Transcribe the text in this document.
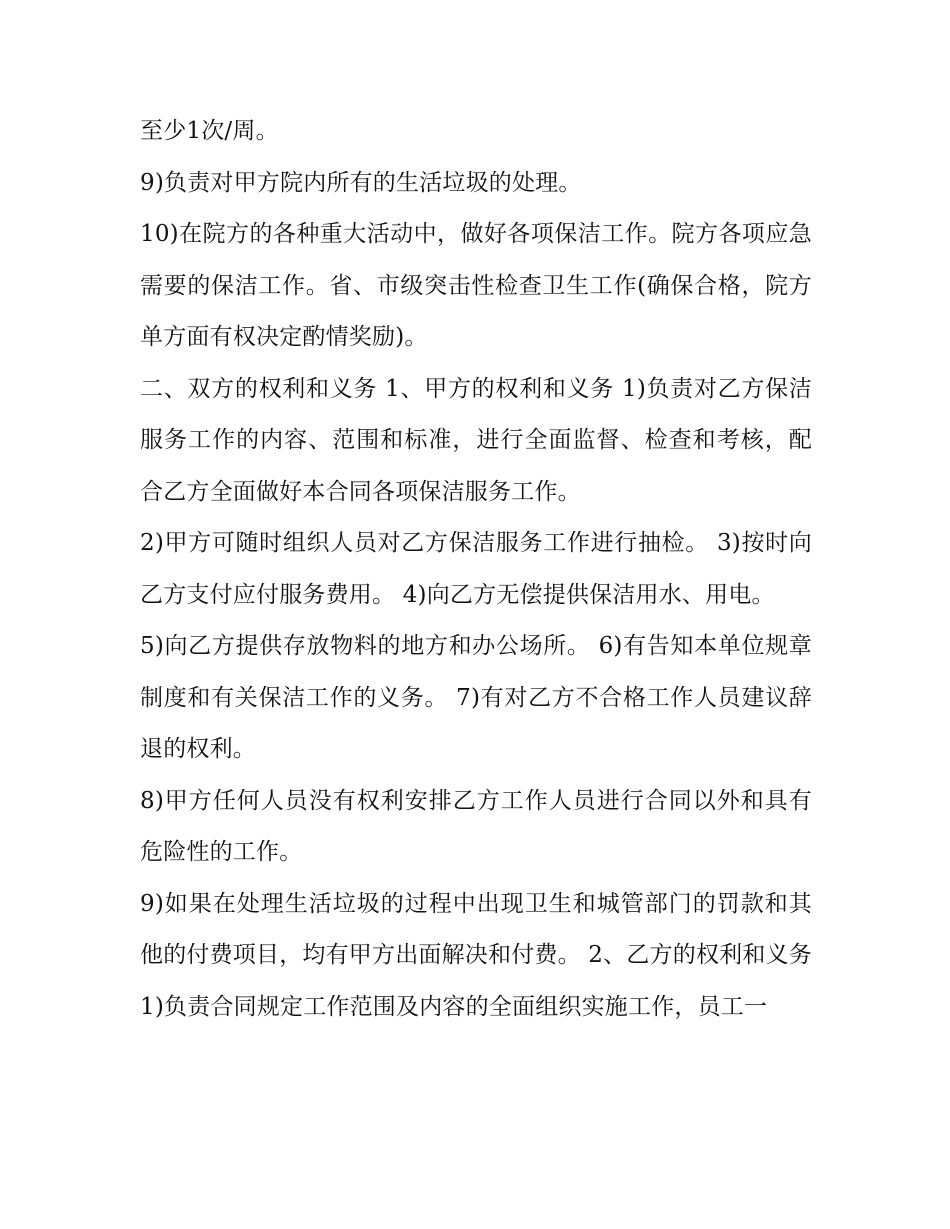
至少1次/周。

9)负责对甲方院内所有的生活垃圾的处理。

10)在院方的各种重大活动中，做好各项保洁工作。院方各项应急需要的保洁工作。省、市级突击性检查卫生工作(确保合格，院方单方面有权决定酌情奖励)。

二、双方的权利和义务 1、甲方的权利和义务 1)负责对乙方保洁服务工作的内容、范围和标准，进行全面监督、检查和考核，配合乙方全面做好本合同各项保洁服务工作。

2)甲方可随时组织人员对乙方保洁服务工作进行抽检。 3)按时向乙方支付应付服务费用。 4)向乙方无偿提供保洁用水、用电。

5)向乙方提供存放物料的地方和办公场所。 6)有告知本单位规章制度和有关保洁工作的义务。 7)有对乙方不合格工作人员建议辞退的权利。

8)甲方任何人员没有权利安排乙方工作人员进行合同以外和具有危险性的工作。

9)如果在处理生活垃圾的过程中出现卫生和城管部门的罚款和其他的付费项目，均有甲方出面解决和付费。 2、乙方的权利和义务

1)负责合同规定工作范围及内容的全面组织实施工作，员工一
